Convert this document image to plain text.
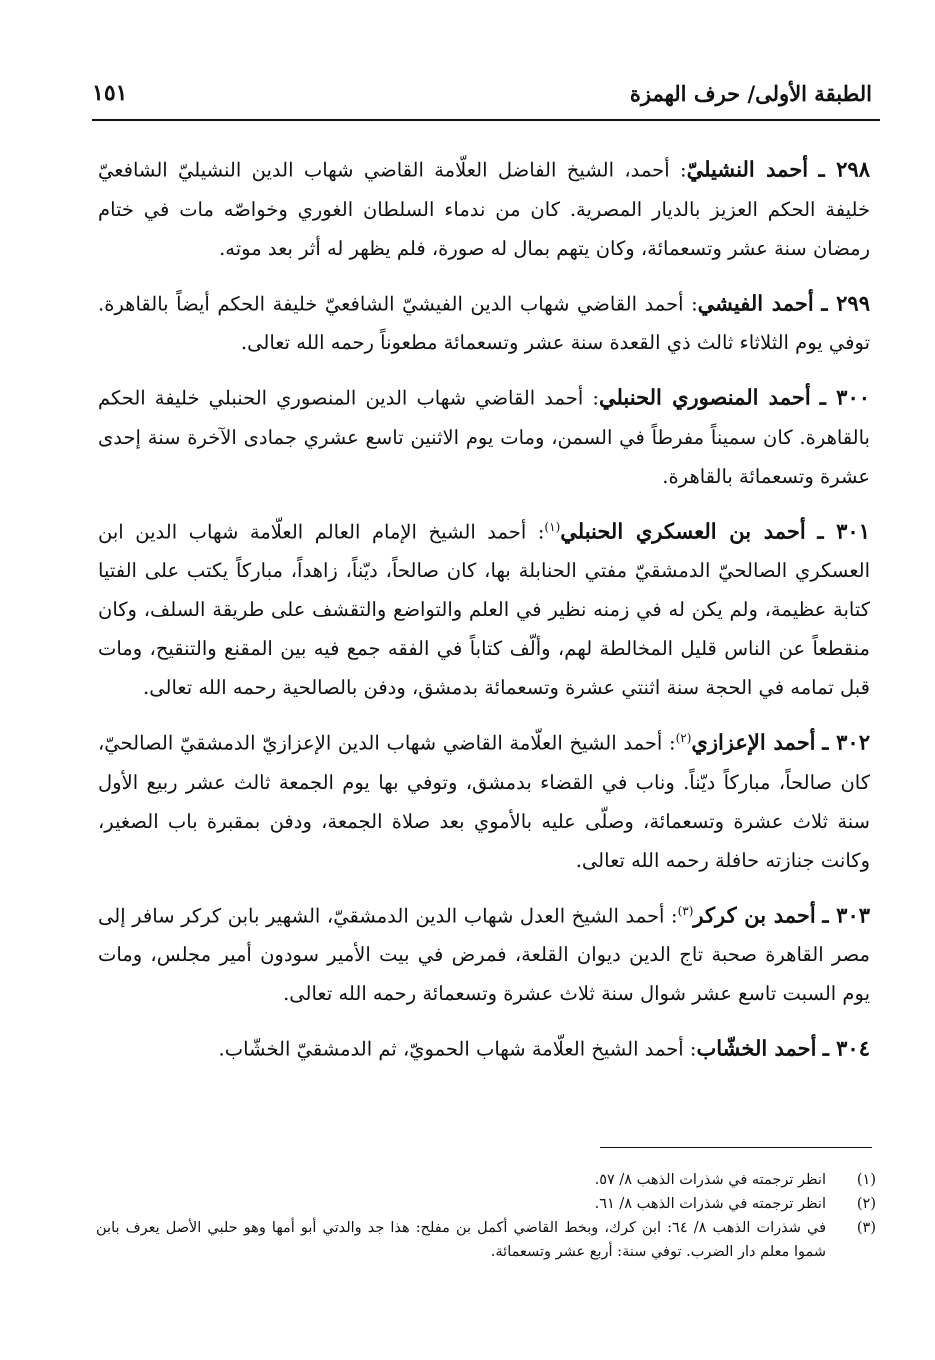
١٥١	الطبقة الأولى/ حرف الهمزة

٢٩٨ ـ أحمد النشيليّ: أحمد، الشيخ الفاضل العلّامة القاضي شهاب الدين النشيليّ الشافعيّ خليفة الحكم العزيز بالديار المصرية. كان من ندماء السلطان الغوري وخواصّه مات في ختام رمضان سنة عشر وتسعمائة، وكان يتهم بمال له صورة، فلم يظهر له أثر بعد موته.

٢٩٩ ـ أحمد الفيشي: أحمد القاضي شهاب الدين الفيشيّ الشافعيّ خليفة الحكم أيضاً بالقاهرة. توفي يوم الثلاثاء ثالث ذي القعدة سنة عشر وتسعمائة مطعوناً رحمه الله تعالى.

٣٠٠ ـ أحمد المنصوري الحنبلي: أحمد القاضي شهاب الدين المنصوري الحنبلي خليفة الحكم بالقاهرة. كان سميناً مفرطاً في السمن، ومات يوم الاثنين تاسع عشري جمادى الآخرة سنة إحدى عشرة وتسعمائة بالقاهرة.

٣٠١ ـ أحمد بن العسكري الحنبلي$^{(١)}$: أحمد الشيخ الإمام العالم العلّامة شهاب الدين ابن العسكري الصالحيّ الدمشقيّ مفتي الحنابلة بها، كان صالحاً، ديّناً، زاهداً، مباركاً يكتب على الفتيا كتابة عظيمة، ولم يكن له في زمنه نظير في العلم والتواضع والتقشف على طريقة السلف، وكان منقطعاً عن الناس قليل المخالطة لهم، وألّف كتاباً في الفقه جمع فيه بين المقنع والتنقيح، ومات قبل تمامه في الحجة سنة اثنتي عشرة وتسعمائة بدمشق، ودفن بالصالحية رحمه الله تعالى.

٣٠٢ ـ أحمد الإعزازي$^{(٢)}$: أحمد الشيخ العلّامة القاضي شهاب الدين الإعزازيّ الدمشقيّ الصالحيّ، كان صالحاً، مباركاً ديّناً. وناب في القضاء بدمشق، وتوفي بها يوم الجمعة ثالث عشر ربيع الأول سنة ثلاث عشرة وتسعمائة، وصلّى عليه بالأموي بعد صلاة الجمعة، ودفن بمقبرة باب الصغير، وكانت جنازته حافلة رحمه الله تعالى.

٣٠٣ ـ أحمد بن كركر$^{(٣)}$: أحمد الشيخ العدل شهاب الدين الدمشقيّ، الشهير بابن كركر سافر إلى مصر القاهرة صحبة تاج الدين ديوان القلعة، فمرض في بيت الأمير سودون أمير مجلس، ومات يوم السبت تاسع عشر شوال سنة ثلاث عشرة وتسعمائة رحمه الله تعالى.

٣٠٤ ـ أحمد الخشّاب: أحمد الشيخ العلّامة شهاب الحمويّ، ثم الدمشقيّ الخشّاب.

(١)
انظر ترجمته في شذرات الذهب ٨/ ٥٧.
(٢)
انظر ترجمته في شذرات الذهب ٨/ ٦١.
(٣)
في شذرات الذهب ٨/ ٦٤: ابن كرك، وبخط القاضي أكمل بن مفلح: هذا جد والدتي أبو أمها وهو حلبي الأصل يعرف بابن شموا معلم دار الضرب. توفي سنة: أربع عشر وتسعمائة.
